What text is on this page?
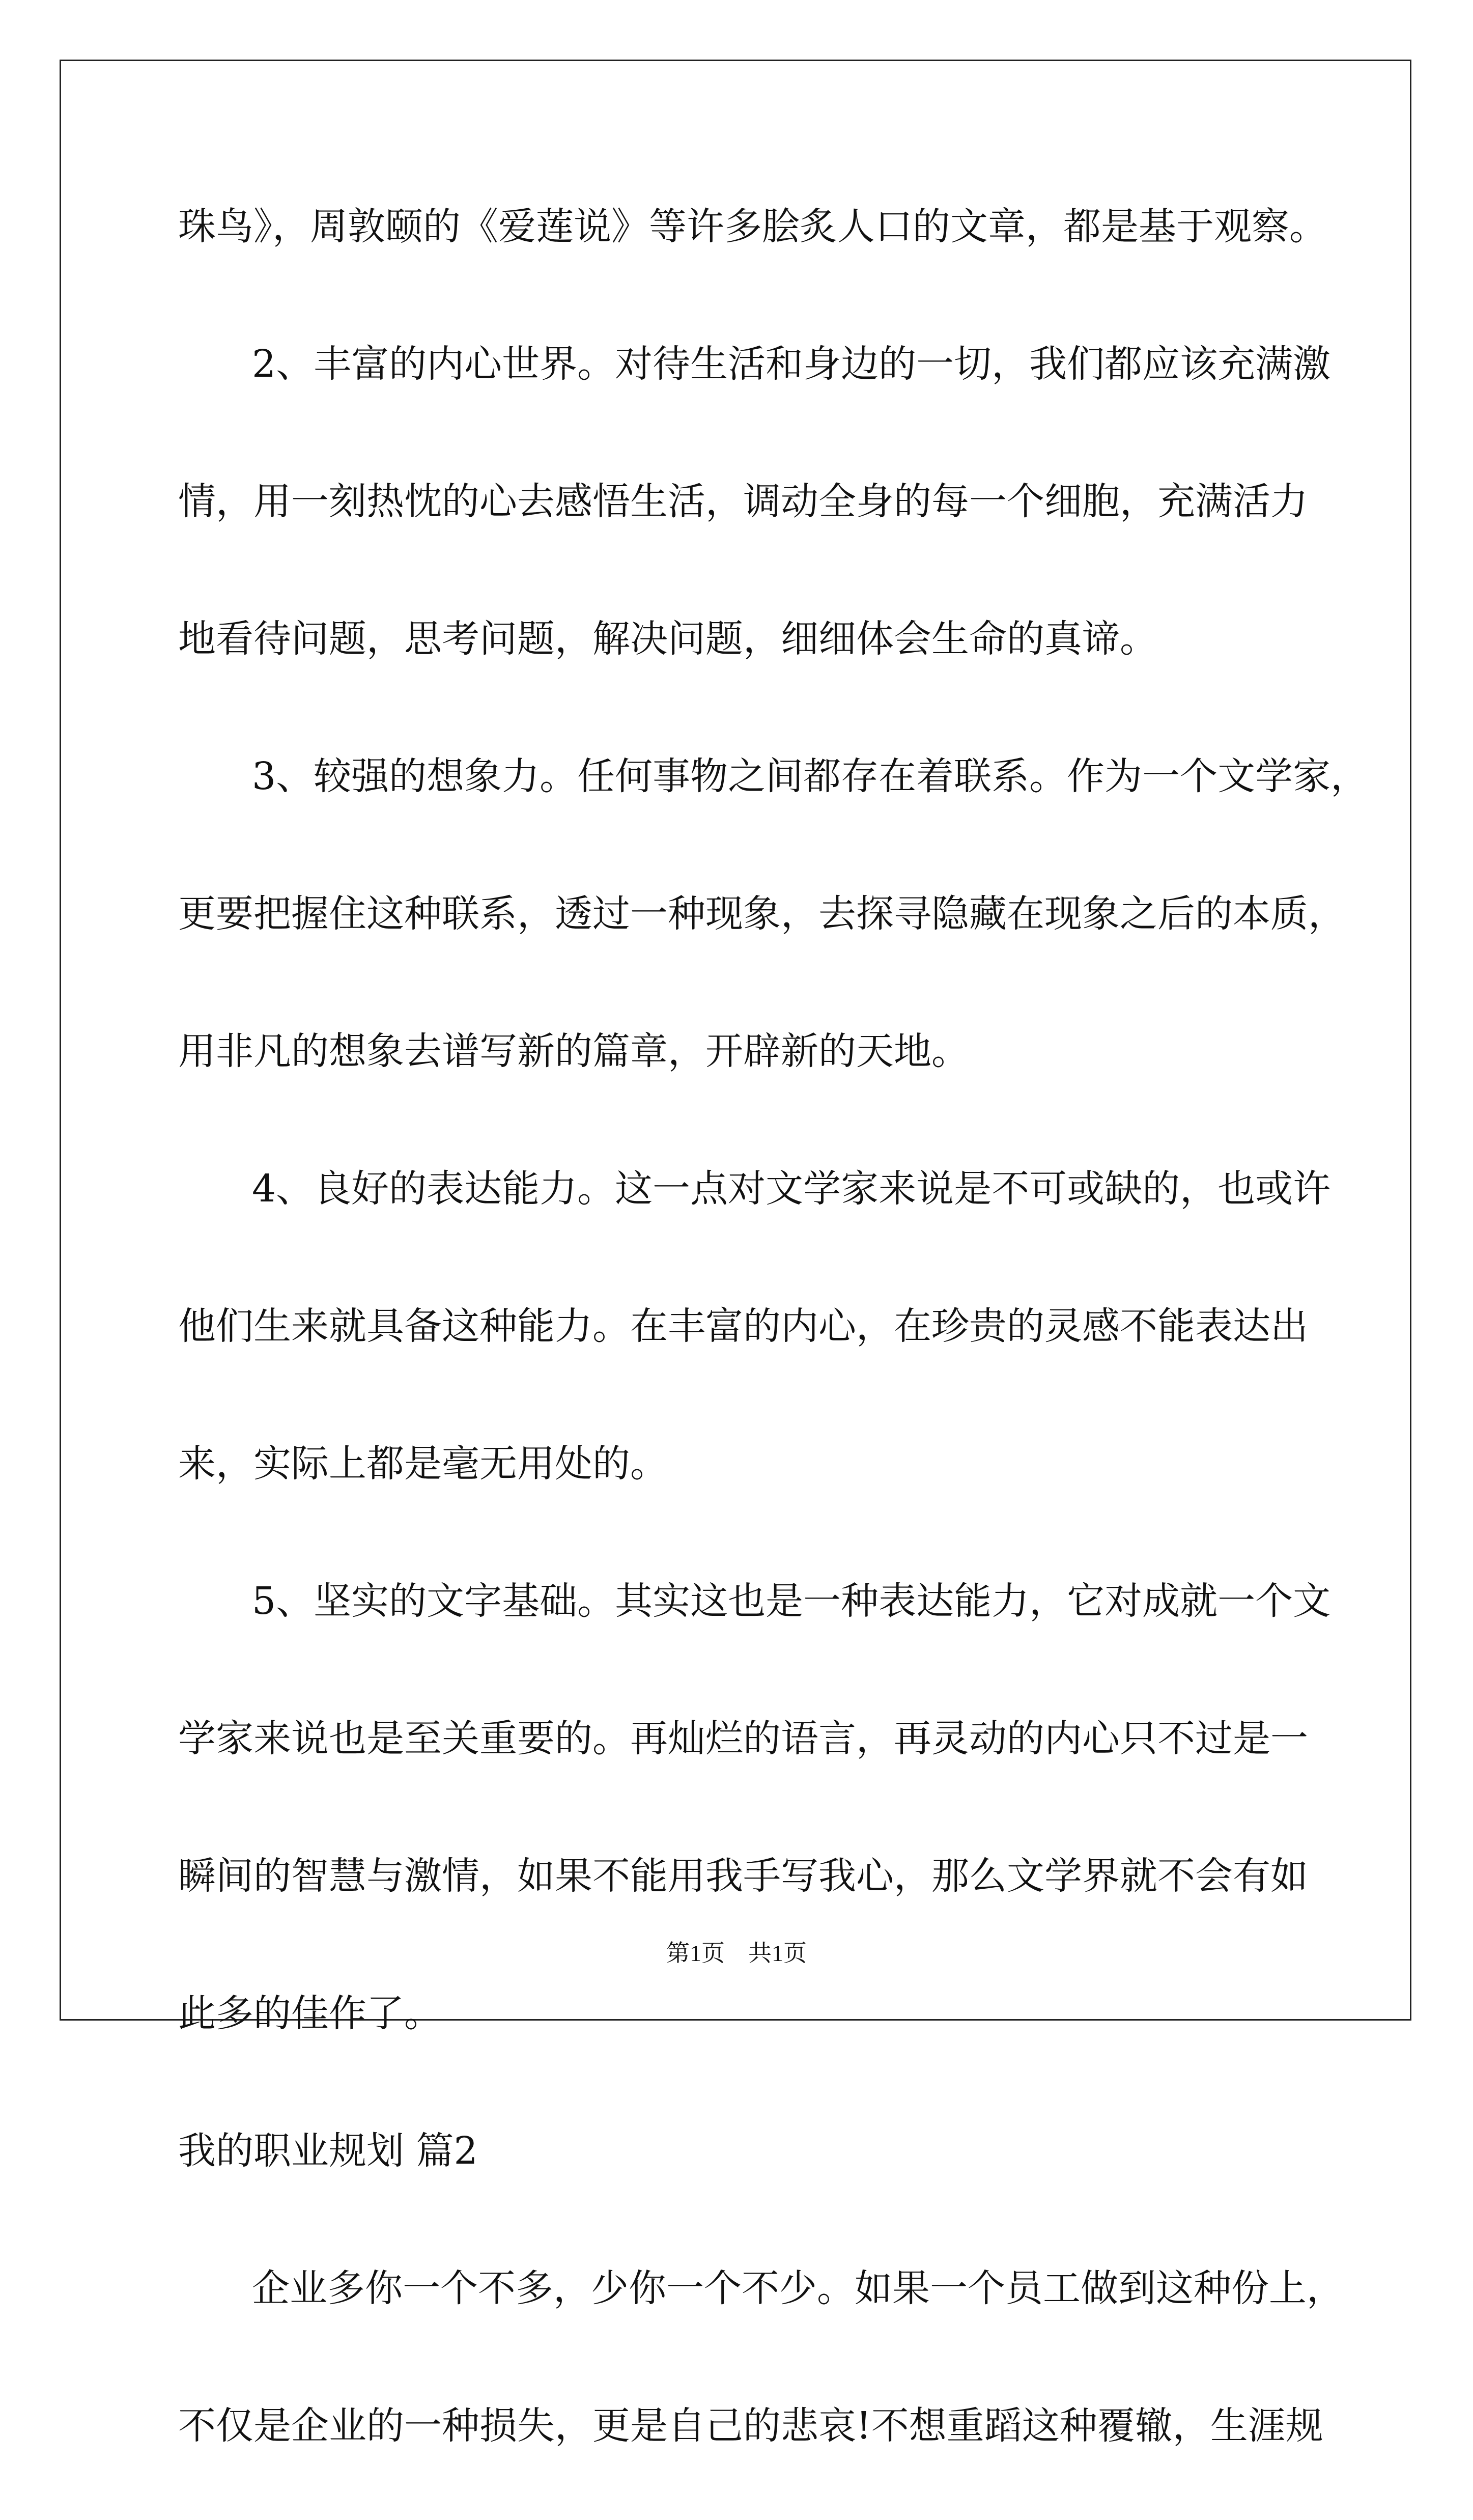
珠鸟》，周敦颐的《爱莲说》等许多脍炙人口的文章，都是基于观察。
2、丰富的内心世界。对待生活和身边的一切，我们都应该充满激
情，用一刻热忱的心去感悟生活，调动全身的每一个细胞，充满活力
地看待问题，思考问题，解决问题，细细体会生命的真谛。
3、较强的想象力。任何事物之间都存在着联系。作为一个文学家，
更要把握住这种联系，透过一种现象，去探寻隐藏在现象之后的本质，
用非凡的想象去谱写新的篇章，开辟新的天地。
4、良好的表达能力。这一点对文学家来说是不可或缺的，也或许
他们生来就具备这种能力。在丰富的内心，在珍贵的灵感不能表达出
来，实际上都是毫无用处的。
5、坚实的文字基础。其实这也是一种表达能力，它对成就一个文
学家来说也是至关重要的。再灿烂的语言，再灵动的内心只不过是一
瞬间的智慧与激情，如果不能用我手写我心，那么文学界就不会有如
此多的佳作了。
我的职业规划 篇2
企业多你一个不多，少你一个不少。如果一个员工做到这种份上，
不仅是企业的一种损失，更是自己的悲哀!不想重蹈这种覆辙，生涯规
第1页　共1页
